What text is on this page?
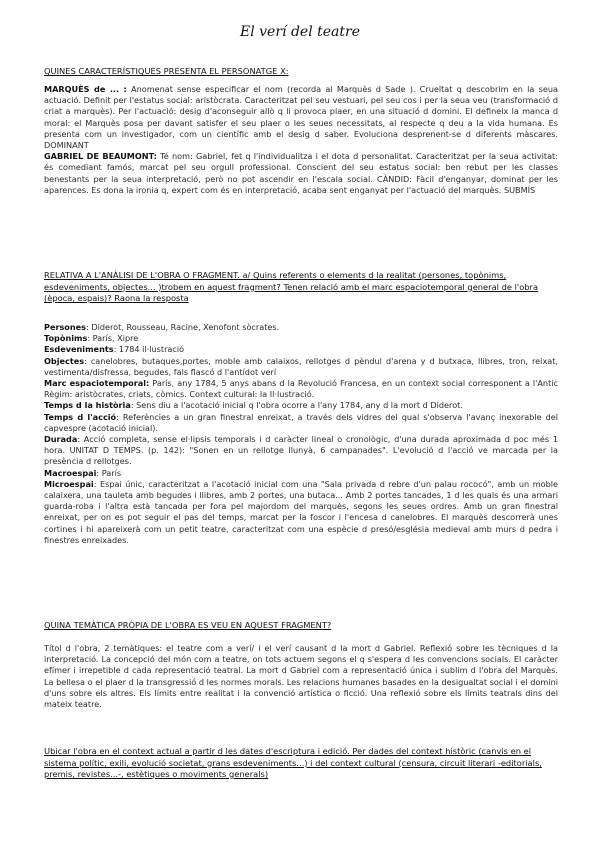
El verí del teatre

QUINES CARACTERÍSTIQUES PRESENTA EL PERSONATGE X:

MARQUÈS de ... : Anomenat sense especificar el nom (recorda al Marquès d Sade ). Crueltat q descobrim en la seua actuació. Definit per l'estatus social: aristòcrata. Caracteritzat pel seu vestuari, pel seu cos i per la seua veu (transformació d criat a marquès). Per l'actuació: desig d'aconseguir allò q li provoca plaer, en una situació d domini. El defineix la manca d moral: el Marquès posa per davant satisfer el seu plaer o les seues necessitats, al respecte q deu a la vida humana. Es presenta com un investigador, com un científic amb el desig d saber. Evoluciona desprenent-se d diferents màscares. DOMINANT

GABRIEL DE BEAUMONT: Té nom: Gabriel, fet q l'individualitza i el dota d personalitat. Caracteritzat per la seua activitat: és comediant famós, marcat pel seu orgull professional. Conscient del seu estatus social: ben rebut per les classes benestants per la seua interpretació, però no pot ascendir en l'escala social. CÀNDID: Fàcil d'enganyar, dominat per les aparences. Es dona la ironia q, expert com és en interpretació, acaba sent enganyat per l'actuació del marquès. SUBMÍS

RELATIVA A L'ANÀLISI DE L'OBRA O FRAGMENT. a/ Quins referents o elements d la realitat (persones, topònims, esdeveniments, objectes... )trobem en aquest fragment? Tenen relació amb el marc espaciotemporal general de l'obra (època, espais)? Raona la resposta

Persones: Diderot, Rousseau, Racine, Xenofont sòcrates.

Topònims: París, Xipre

Esdeveniments: 1784 il·lustració

Objectes: canelobres, butaques,portes, moble amb calaixos, rellotges d pèndul d'arena y d butxaca, llibres, tron, reixat, vestimenta/disfressa, begudes, fals flascó d l'antídot verí

Marc espaciotemporal: París, any 1784, 5 anys abans d la Revolució Francesa, en un context social corresponent a l'Antic Règim: aristòcrates, criats, còmics. Context cultural: la Il·lustració.

Temps d la història: Sens diu a l'acotació inicial q l'obra ocorre a l'any 1784, any d la mort d Diderot.

Temps d l'acció: Referències a un gran finestral enreixat, a través dels vidres del qual s'observa l'avanç inexorable del capvespre (acotació inicial).

Durada: Acció completa, sense el·lipsis temporals i d caràcter lineal o cronològic, d'una durada aproximada d poc més 1 hora. UNITAT D TEMPS. (p. 142): "Sonen en un rellotge llunyà, 6 campanades". L'evolució d l'acció ve marcada per la presència d rellotges.

Macroespai: París

Microespai: Espai únic, caracteritzat a l'acotació inicial com una "Sala privada d rebre d'un palau rococó", amb un moble calaixera, una tauleta amb begudes i llibres, amb 2 portes, una butaca... Amb 2 portes tancades, 1 d les quals és una armari guarda-roba i l'altra està tancada per fora pel majordom del marquès, segons les seues ordres. Amb un gran finestral enreixat, per on es pot seguir el pas del temps, marcat per la foscor i l'encesa d canelobres. El marquès descorrerà unes cortines i hi apareixerà com un petit teatre, caracteritzat com una espècie d presó/església medieval amb murs d pedra i finestres enreixades.

QUINA TEMÀTICA PRÒPIA DE L'OBRA ES VEU EN AQUEST FRAGMENT?

Títol d l'obra, 2 temàtiques: el teatre com a verí/ i el verí causant d la mort d Gabriel. Reflexió sobre les tècniques d la interpretació. La concepció del món com a teatre, on tots actuem segons el q s'espera d les convencions socials. El caràcter efímer i irrepetible d cada representació teatral. La mort d Gabriel com a representació única i sublim d l'obra del Marquès. La bellesa o el plaer d la transgressió d les normes morals. Les relacions humanes basades en la desigualtat social i el domini d'uns sobre els altres. Els límits entre realitat i la convenció artística o ficció. Una reflexió sobre els límits teatrals dins del mateix teatre.

Ubicar l'obra en el context actual a partir d les dates d'escriptura i edició. Per dades del context històric (canvis en el sistema polític, exili, evolució societat, grans esdeveniments...) i del context cultural (censura, circuit literari -editorials, premis, revistes...-, estètiques o moviments generals)
